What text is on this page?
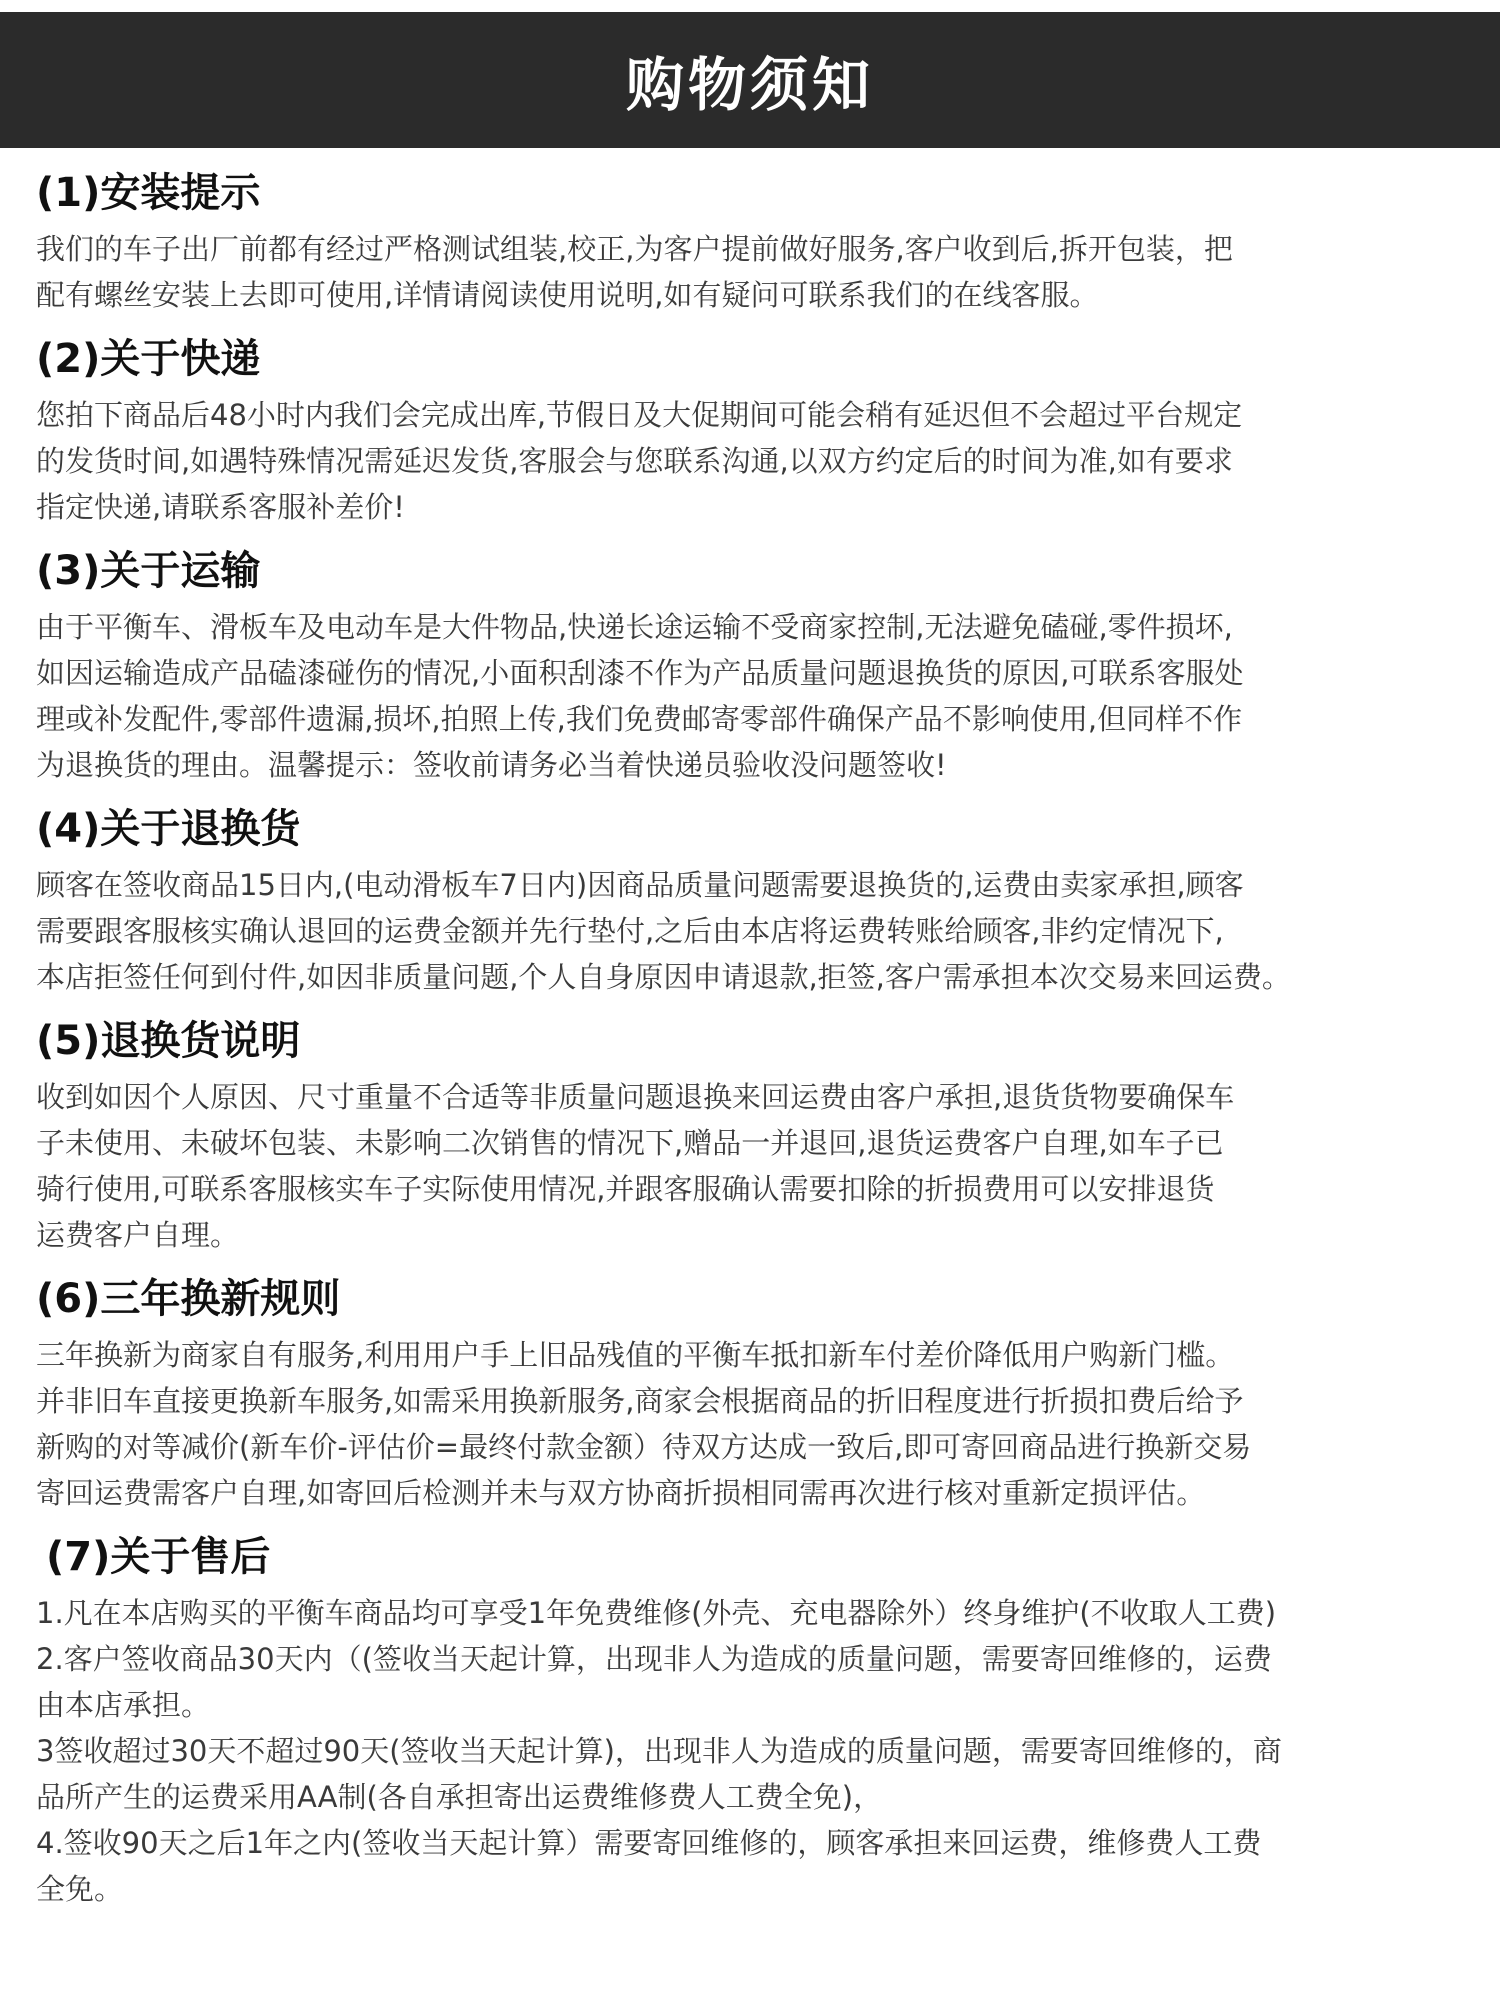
购物须知
(1)安装提示

我们的车子出厂前都有经过严格测试组装,校正,为客户提前做好服务,客户收到后,拆开包装，把

配有螺丝安装上去即可使用,详情请阅读使用说明,如有疑问可联系我们的在线客服。

(2)关于快递

您拍下商品后48小时内我们会完成出库,节假日及大促期间可能会稍有延迟但不会超过平台规定

的发货时间,如遇特殊情况需延迟发货,客服会与您联系沟通,以双方约定后的时间为准,如有要求

指定快递,请联系客服补差价!

(3)关于运输

由于平衡车、滑板车及电动车是大件物品,快递长途运输不受商家控制,无法避免磕碰,零件损坏,

如因运输造成产品磕漆碰伤的情况,小面积刮漆不作为产品质量问题退换货的原因,可联系客服处

理或补发配件,零部件遗漏,损坏,拍照上传,我们免费邮寄零部件确保产品不影响使用,但同样不作

为退换货的理由。温馨提示：签收前请务必当着快递员验收没问题签收!

(4)关于退换货

顾客在签收商品15日内,(电动滑板车7日内)因商品质量问题需要退换货的,运费由卖家承担,顾客

需要跟客服核实确认退回的运费金额并先行垫付,之后由本店将运费转账给顾客,非约定情况下,

本店拒签任何到付件,如因非质量问题,个人自身原因申请退款,拒签,客户需承担本次交易来回运费。

(5)退换货说明

收到如因个人原因、尺寸重量不合适等非质量问题退换来回运费由客户承担,退货货物要确保车

子未使用、未破坏包装、未影响二次销售的情况下,赠品一并退回,退货运费客户自理,如车子已

骑行使用,可联系客服核实车子实际使用情况,并跟客服确认需要扣除的折损费用可以安排退货

运费客户自理。

(6)三年换新规则

三年换新为商家自有服务,利用用户手上旧品残值的平衡车抵扣新车付差价降低用户购新门槛。

并非旧车直接更换新车服务,如需采用换新服务,商家会根据商品的折旧程度进行折损扣费后给予

新购的对等减价(新车价-评估价=最终付款金额）待双方达成一致后,即可寄回商品进行换新交易

寄回运费需客户自理,如寄回后检测并未与双方协商折损相同需再次进行核对重新定损评估。

(7)关于售后

1.凡在本店购买的平衡车商品均可享受1年免费维修(外壳、充电器除外）终身维护(不收取人工费)

2.客户签收商品30天内（(签收当天起计算，出现非人为造成的质量问题，需要寄回维修的，运费

由本店承担。

3签收超过30天不超过90天(签收当天起计算)，出现非人为造成的质量问题，需要寄回维修的，商

品所产生的运费采用AA制(各自承担寄出运费维修费人工费全免)，

4.签收90天之后1年之内(签收当天起计算）需要寄回维修的，顾客承担来回运费，维修费人工费

全免。
